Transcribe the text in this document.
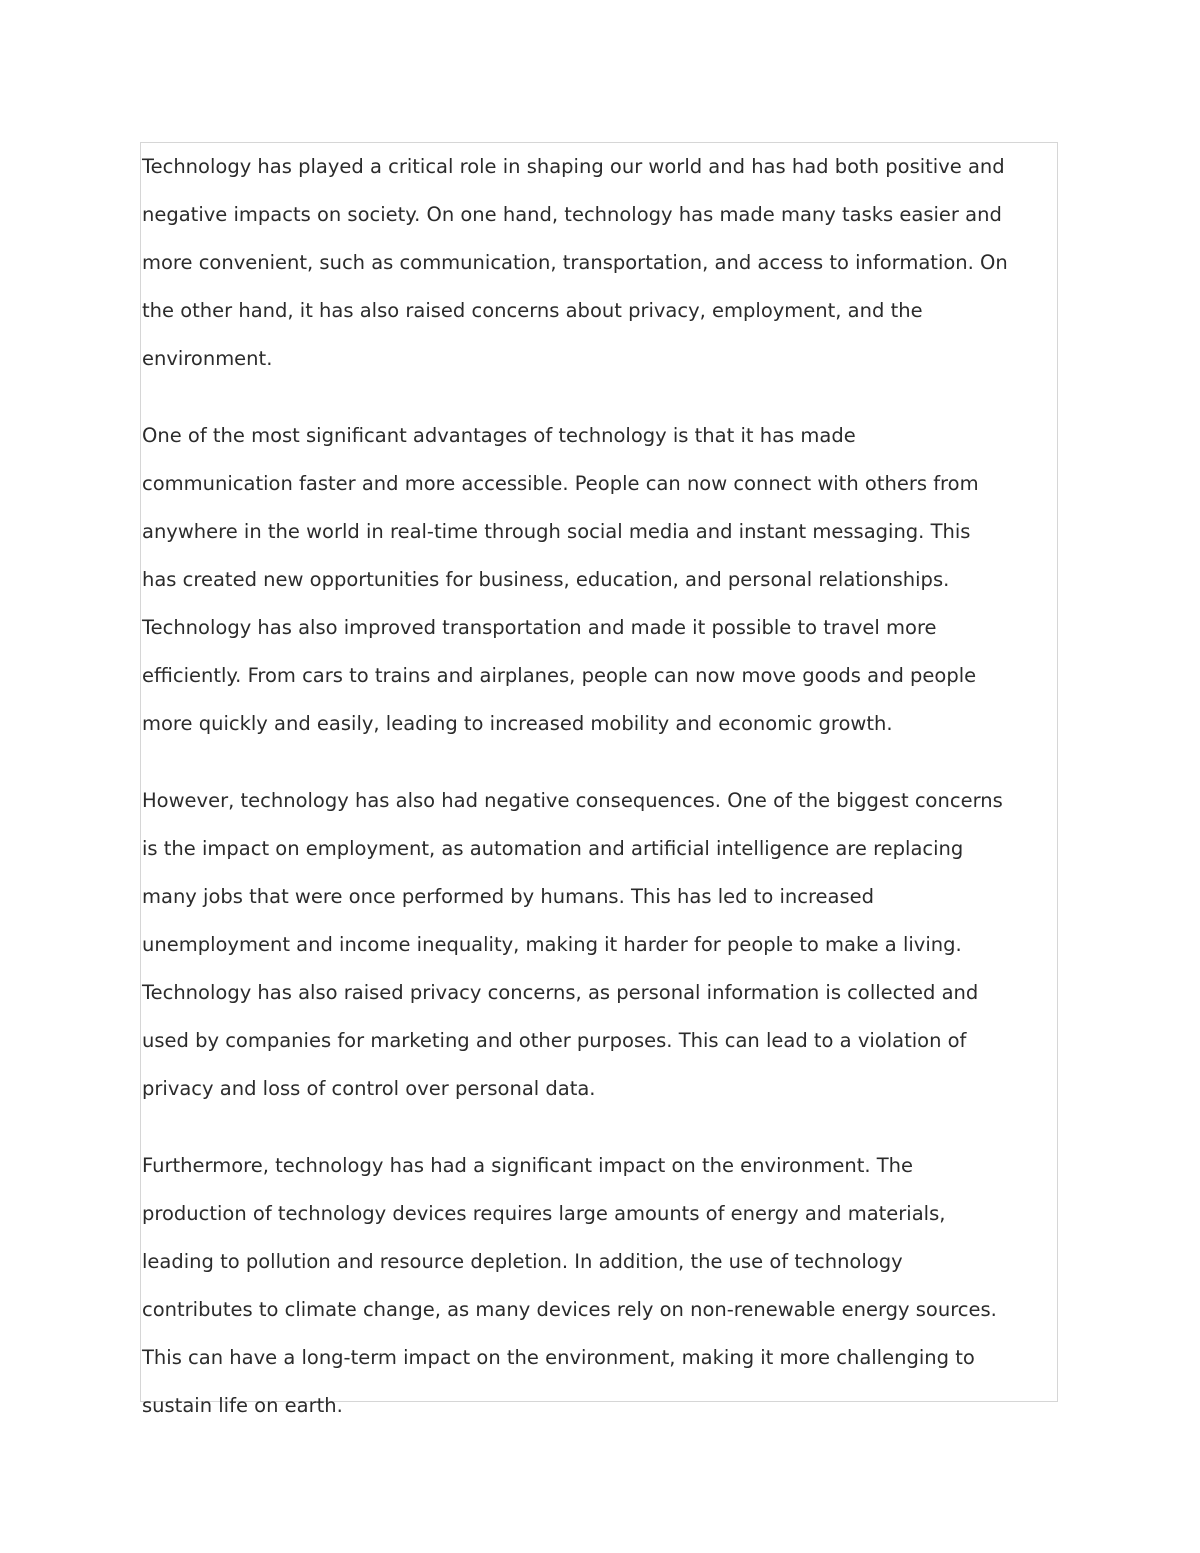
Technology has played a critical role in shaping our world and has had both positive and
negative impacts on society. On one hand, technology has made many tasks easier and
more convenient, such as communication, transportation, and access to information. On
the other hand, it has also raised concerns about privacy, employment, and the
environment.

One of the most significant advantages of technology is that it has made
communication faster and more accessible. People can now connect with others from
anywhere in the world in real-time through social media and instant messaging. This
has created new opportunities for business, education, and personal relationships.
Technology has also improved transportation and made it possible to travel more
efficiently. From cars to trains and airplanes, people can now move goods and people
more quickly and easily, leading to increased mobility and economic growth.

However, technology has also had negative consequences. One of the biggest concerns
is the impact on employment, as automation and artificial intelligence are replacing
many jobs that were once performed by humans. This has led to increased
unemployment and income inequality, making it harder for people to make a living.
Technology has also raised privacy concerns, as personal information is collected and
used by companies for marketing and other purposes. This can lead to a violation of
privacy and loss of control over personal data.

Furthermore, technology has had a significant impact on the environment. The
production of technology devices requires large amounts of energy and materials,
leading to pollution and resource depletion. In addition, the use of technology
contributes to climate change, as many devices rely on non-renewable energy sources.
This can have a long-term impact on the environment, making it more challenging to
sustain life on earth.
